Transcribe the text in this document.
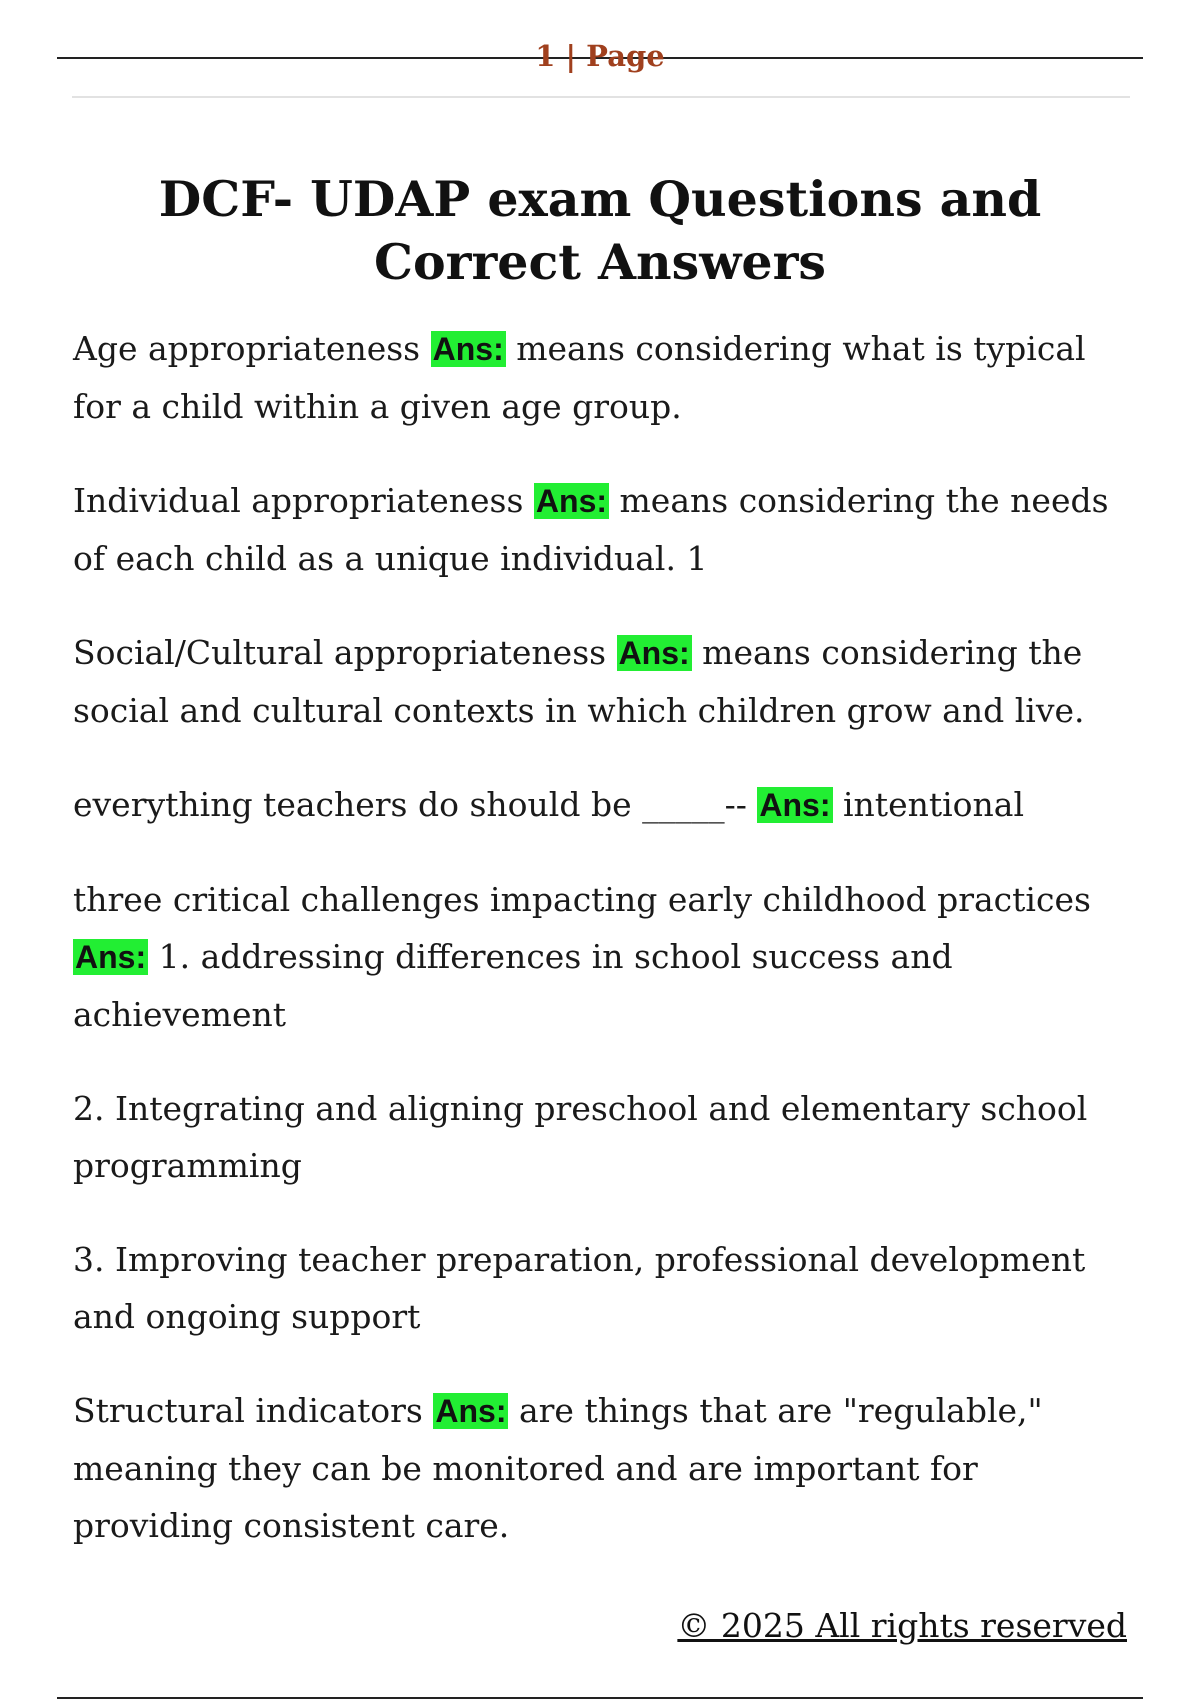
1 | Page
DCF- UDAP exam Questions and Correct Answers

Age appropriateness Ans: means considering what is typical for a child within a given age group.

Individual appropriateness Ans: means considering the needs of each child as a unique individual. 1

Social/Cultural appropriateness Ans: means considering the social and cultural contexts in which children grow and live.

everything teachers do should be _____-- Ans: intentional

three critical challenges impacting early childhood practices Ans: 1. addressing differences in school success and achievement

2. Integrating and aligning preschool and elementary school programming

3. Improving teacher preparation, professional development and ongoing support

Structural indicators Ans: are things that are "regulable," meaning they can be monitored and are important for providing consistent care.

© 2025 All rights reserved
